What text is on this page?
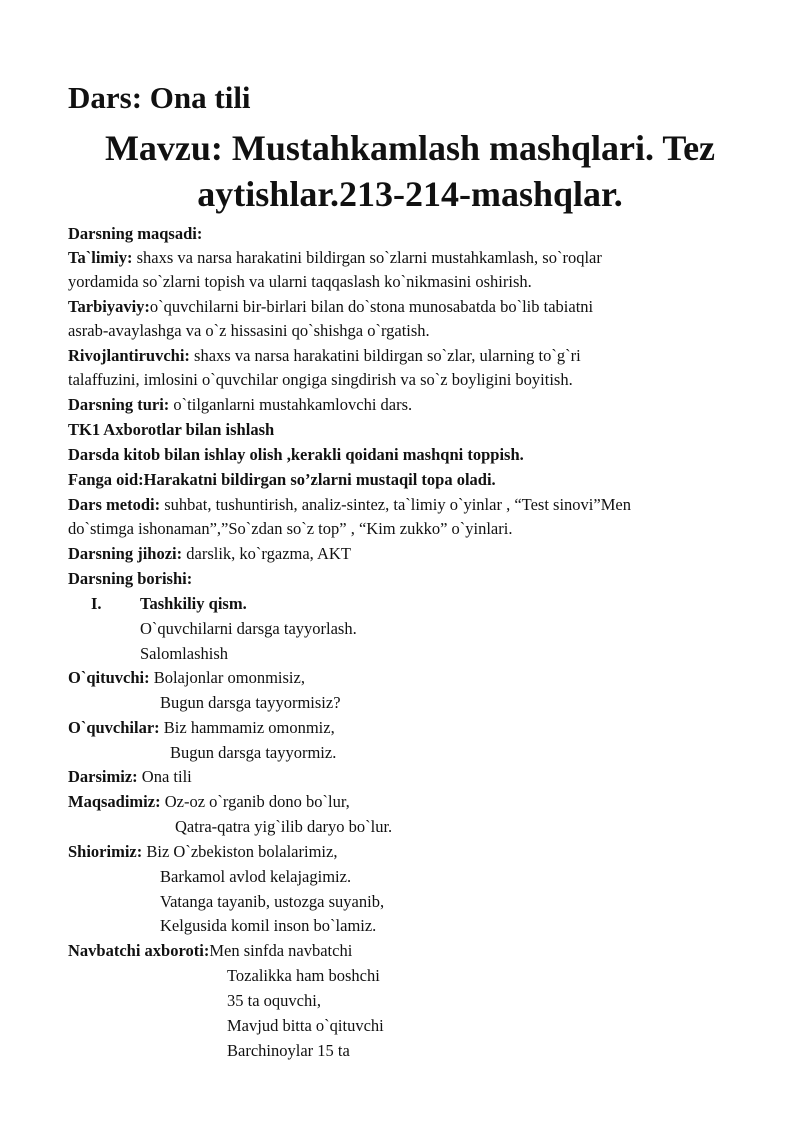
Dars: Ona tili
Mavzu: Mustahkamlash mashqlari. Tez
aytishlar.213-214-mashqlar.
Darsning maqsadi:
Ta`limiy: shaxs va narsa harakatini bildirgan so`zlarni mustahkamlash, so`roqlar
yordamida so`zlarni topish va ularni taqqaslash ko`nikmasini oshirish.
Tarbiyaviy:o`quvchilarni bir-birlari bilan do`stona munosabatda bo`lib tabiatni
asrab-avaylashga va o`z hissasini qo`shishga o`rgatish.
Rivojlantiruvchi: shaxs va narsa harakatini bildirgan so`zlar, ularning to`g`ri
talaffuzini, imlosini o`quvchilar ongiga singdirish va so`z boyligini boyitish.
Darsning turi: o`tilganlarni mustahkamlovchi dars.
TK1 Axborotlar bilan ishlash
Darsda kitob bilan ishlay olish ,kerakli qoidani mashqni toppish.
Fanga oid:Harakatni bildirgan so’zlarni mustaqil topa oladi.
Dars metodi: suhbat, tushuntirish, analiz-sintez, ta`limiy o`yinlar , “Test sinovi”Men
do`stimga ishonaman”,”So`zdan so`z top” , “Kim zukko” o`yinlari.
Darsning jihozi: darslik, ko`rgazma, AKT
Darsning borishi:
I. Tashkiliy qism.
O`quvchilarni darsga tayyorlash.
Salomlashish
O`qituvchi: Bolajonlar omonmisiz,
Bugun darsga tayyormisiz?
O`quvchilar: Biz hammamiz omonmiz,
Bugun darsga tayyormiz.
Darsimiz: Ona tili
Maqsadimiz: Oz-oz o`rganib dono bo`lur,
Qatra-qatra yig`ilib daryo bo`lur.
Shiorimiz: Biz O`zbekiston bolalarimiz,
Barkamol avlod kelajagimiz.
Vatanga tayanib, ustozga suyanib,
Kelgusida komil inson bo`lamiz.
Navbatchi axboroti:Men sinfda navbatchi
Tozalikka ham boshchi
35 ta oquvchi,
Mavjud bitta o`qituvchi
Barchinoylar 15 ta
